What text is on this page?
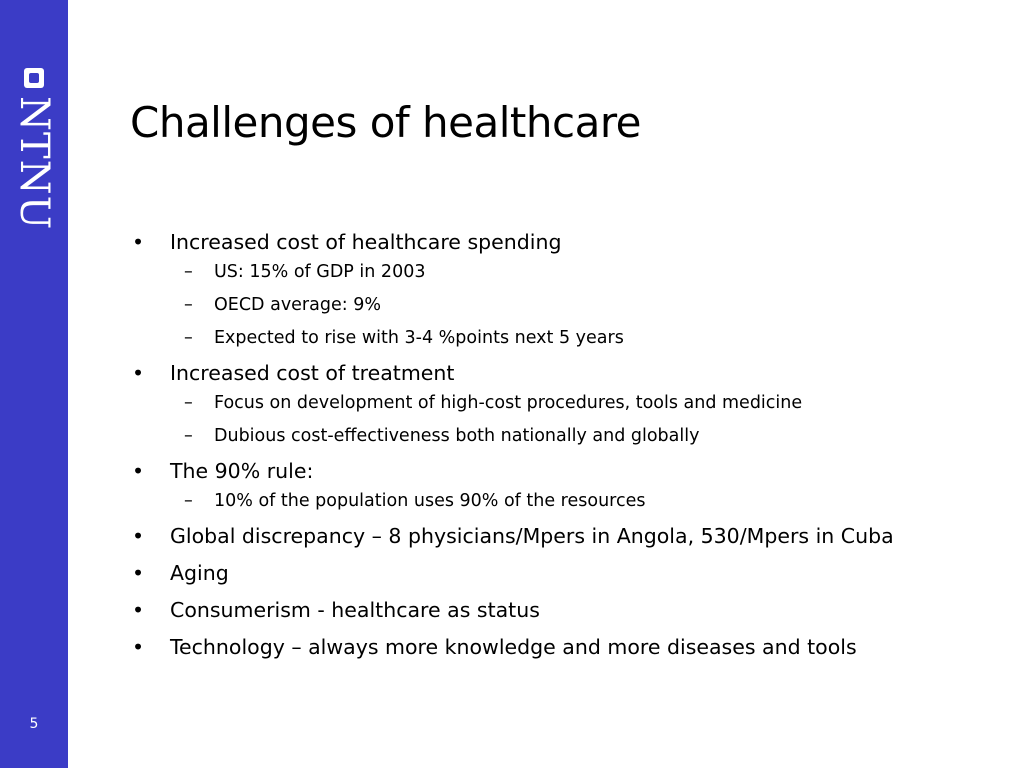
NTNU
5
Challenges of healthcare
• Increased cost of healthcare spending
– US: 15% of GDP in 2003
– OECD average: 9%
– Expected to rise with 3-4 %points next 5 years
• Increased cost of treatment
– Focus on development of high-cost procedures, tools and medicine
– Dubious cost-effectiveness both nationally and globally
• The 90% rule:
– 10% of the population uses 90% of the resources
• Global discrepancy – 8 physicians/Mpers in Angola, 530/Mpers in Cuba
• Aging
• Consumerism - healthcare as status
• Technology – always more knowledge and more diseases and tools
